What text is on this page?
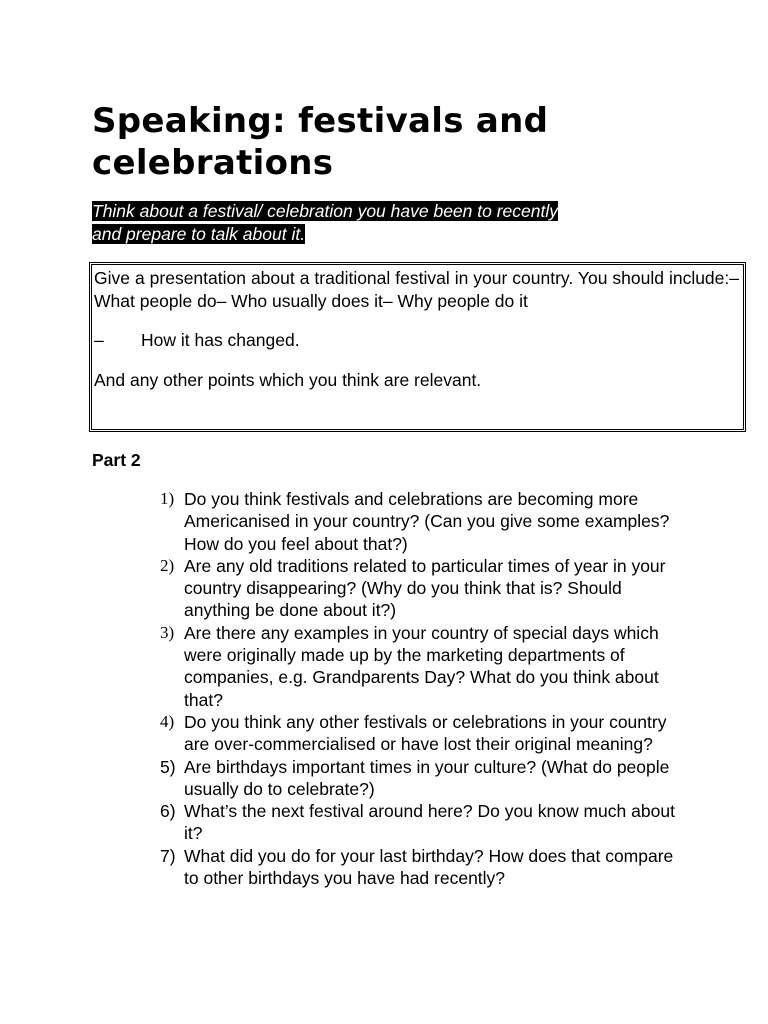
Speaking: festivals and celebrations
Think about a festival/ celebration you have been to recently
and prepare to talk about it.

Give a presentation about a traditional festival in your country. You should include:– What people do– Who usually does it– Why people do it

– How it has changed.

And any other points which you think are relevant.

Part 2
1) Do you think festivals and celebrations are becoming more Americanised in your country? (Can you give some examples? How do you feel about that?)
2) Are any old traditions related to particular times of year in your country disappearing? (Why do you think that is? Should anything be done about it?)
3) Are there any examples in your country of special days which were originally made up by the marketing departments of companies, e.g. Grandparents Day? What do you think about that?
4) Do you think any other festivals or celebrations in your country are over-commercialised or have lost their original meaning?
5) Are birthdays important times in your culture? (What do people usually do to celebrate?)
6) What’s the next festival around here? Do you know much about it?
7) What did you do for your last birthday? How does that compare to other birthdays you have had recently?
